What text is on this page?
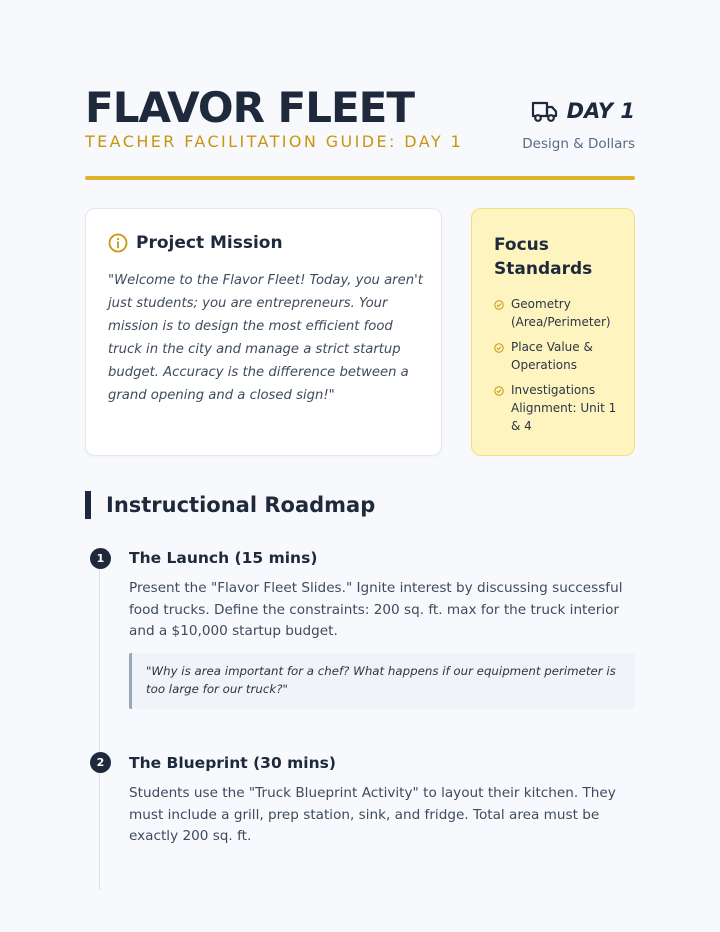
FLAVOR FLEET
TEACHER FACILITATION GUIDE: DAY 1
DAY 1
Design & Dollars
Project Mission

"Welcome to the Flavor Fleet! Today, you aren't just students; you are entrepreneurs. Your mission is to design the most efficient food truck in the city and manage a strict startup budget. Accuracy is the difference between a grand opening and a closed sign!"

Focus Standards
Geometry (Area/Perimeter)
Place Value & Operations
Investigations Alignment: Unit 1 & 4
Instructional Roadmap
1	The Launch (15 mins)

Present the "Flavor Fleet Slides." Ignite interest by discussing successful food trucks. Define the constraints: 200 sq. ft. max for the truck interior and a $10,000 startup budget.

"Why is area important for a chef? What happens if our equipment perimeter is too large for our truck?"
2	The Blueprint (30 mins)

Students use the "Truck Blueprint Activity" to layout their kitchen. They must include a grill, prep station, sink, and fridge. Total area must be exactly 200 sq. ft.
